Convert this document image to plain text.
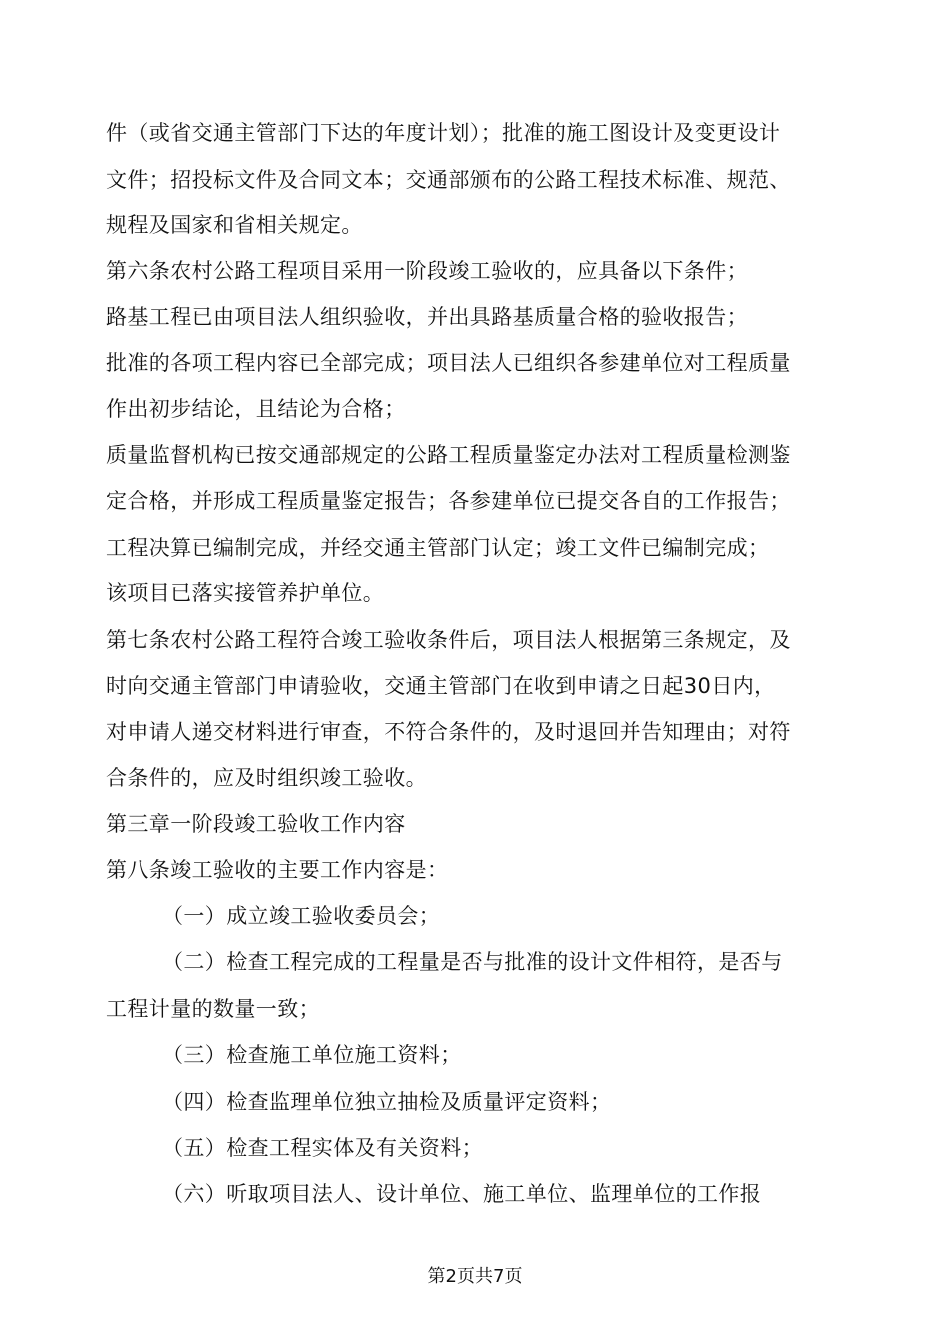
件（或省交通主管部门下达的年度计划）；批准的施工图设计及变更设计
文件；招投标文件及合同文本；交通部颁布的公路工程技术标准、规范、
规程及国家和省相关规定。
第六条农村公路工程项目采用一阶段竣工验收的，应具备以下条件；
路基工程已由项目法人组织验收，并出具路基质量合格的验收报告；
批准的各项工程内容已全部完成；项目法人已组织各参建单位对工程质量
作出初步结论，且结论为合格；
质量监督机构已按交通部规定的公路工程质量鉴定办法对工程质量检测鉴
定合格，并形成工程质量鉴定报告；各参建单位已提交各自的工作报告；
工程决算已编制完成，并经交通主管部门认定；竣工文件已编制完成；
该项目已落实接管养护单位。
第七条农村公路工程符合竣工验收条件后，项目法人根据第三条规定，及
时向交通主管部门申请验收，交通主管部门在收到申请之日起30日内，
对申请人递交材料进行审查，不符合条件的，及时退回并告知理由；对符
合条件的，应及时组织竣工验收。
第三章一阶段竣工验收工作内容
第八条竣工验收的主要工作内容是：
（一）成立竣工验收委员会；
（二）检查工程完成的工程量是否与批准的设计文件相符，是否与
工程计量的数量一致；
（三）检查施工单位施工资料；
（四）检查监理单位独立抽检及质量评定资料；
（五）检查工程实体及有关资料；
（六）听取项目法人、设计单位、施工单位、监理单位的工作报
第2页共7页
